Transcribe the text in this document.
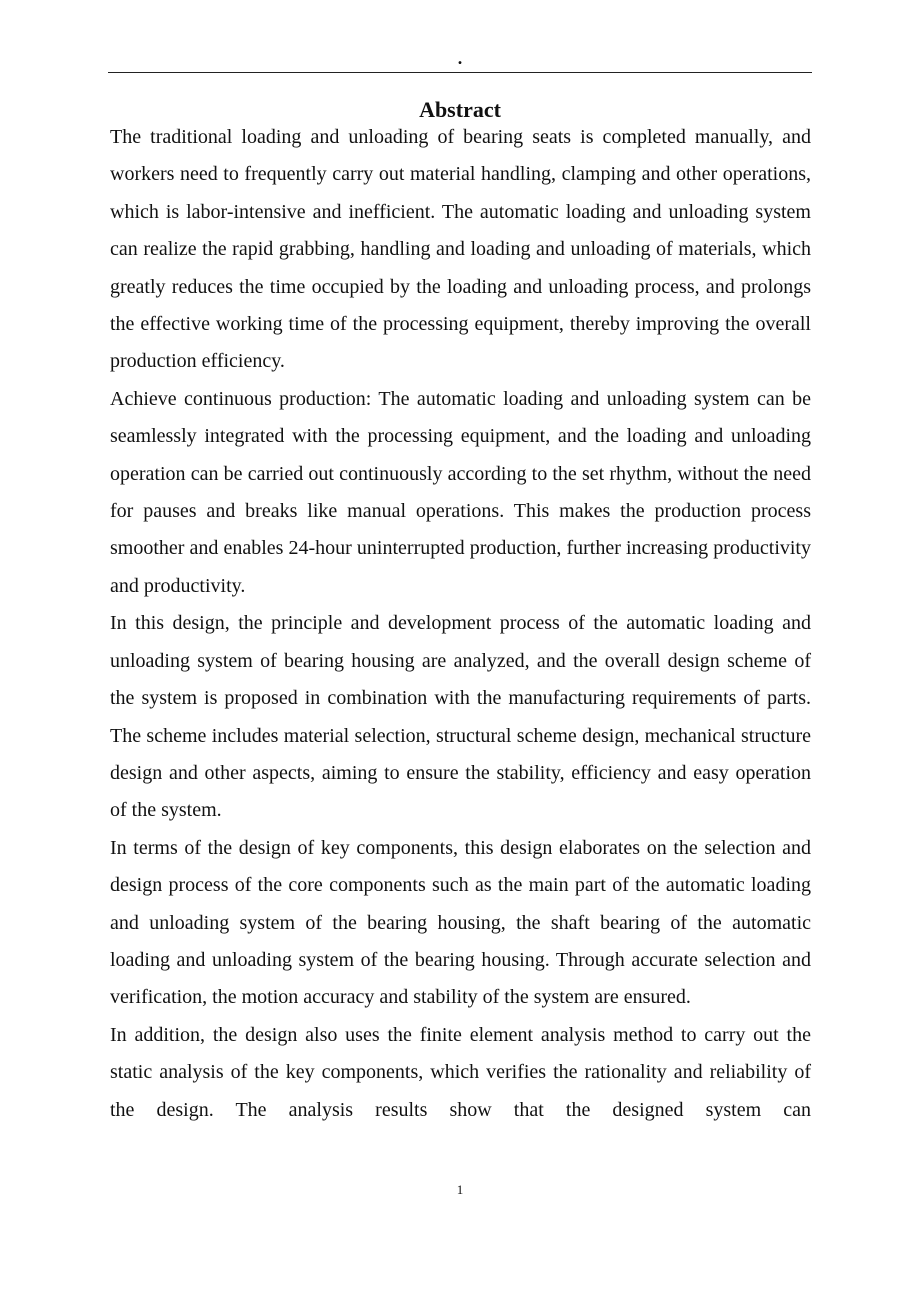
.
Abstract

The traditional loading and unloading of bearing seats is completed manually, and workers need to frequently carry out material handling, clamping and other operations, which is labor-intensive and inefficient. The automatic loading and unloading system can realize the rapid grabbing, handling and loading and unloading of materials, which greatly reduces the time occupied by the loading and unloading process, and prolongs the effective working time of the processing equipment, thereby improving the overall production efficiency.

Achieve continuous production: The automatic loading and unloading system can be seamlessly integrated with the processing equipment, and the loading and unloading operation can be carried out continuously according to the set rhythm, without the need for pauses and breaks like manual operations. This makes the production process smoother and enables 24-hour uninterrupted production, further increasing productivity and productivity.

In this design, the principle and development process of the automatic loading and unloading system of bearing housing are analyzed, and the overall design scheme of the system is proposed in combination with the manufacturing requirements of parts. The scheme includes material selection, structural scheme design, mechanical structure design and other aspects, aiming to ensure the stability, efficiency and easy operation of the system.

In terms of the design of key components, this design elaborates on the selection and design process of the core components such as the main part of the automatic loading and unloading system of the bearing housing, the shaft bearing of the automatic loading and unloading system of the bearing housing. Through accurate selection and verification, the motion accuracy and stability of the system are ensured.

In addition, the design also uses the finite element analysis method to carry out the static analysis of the key components, which verifies the rationality and reliability of the design. The analysis results show that the designed system can

1
